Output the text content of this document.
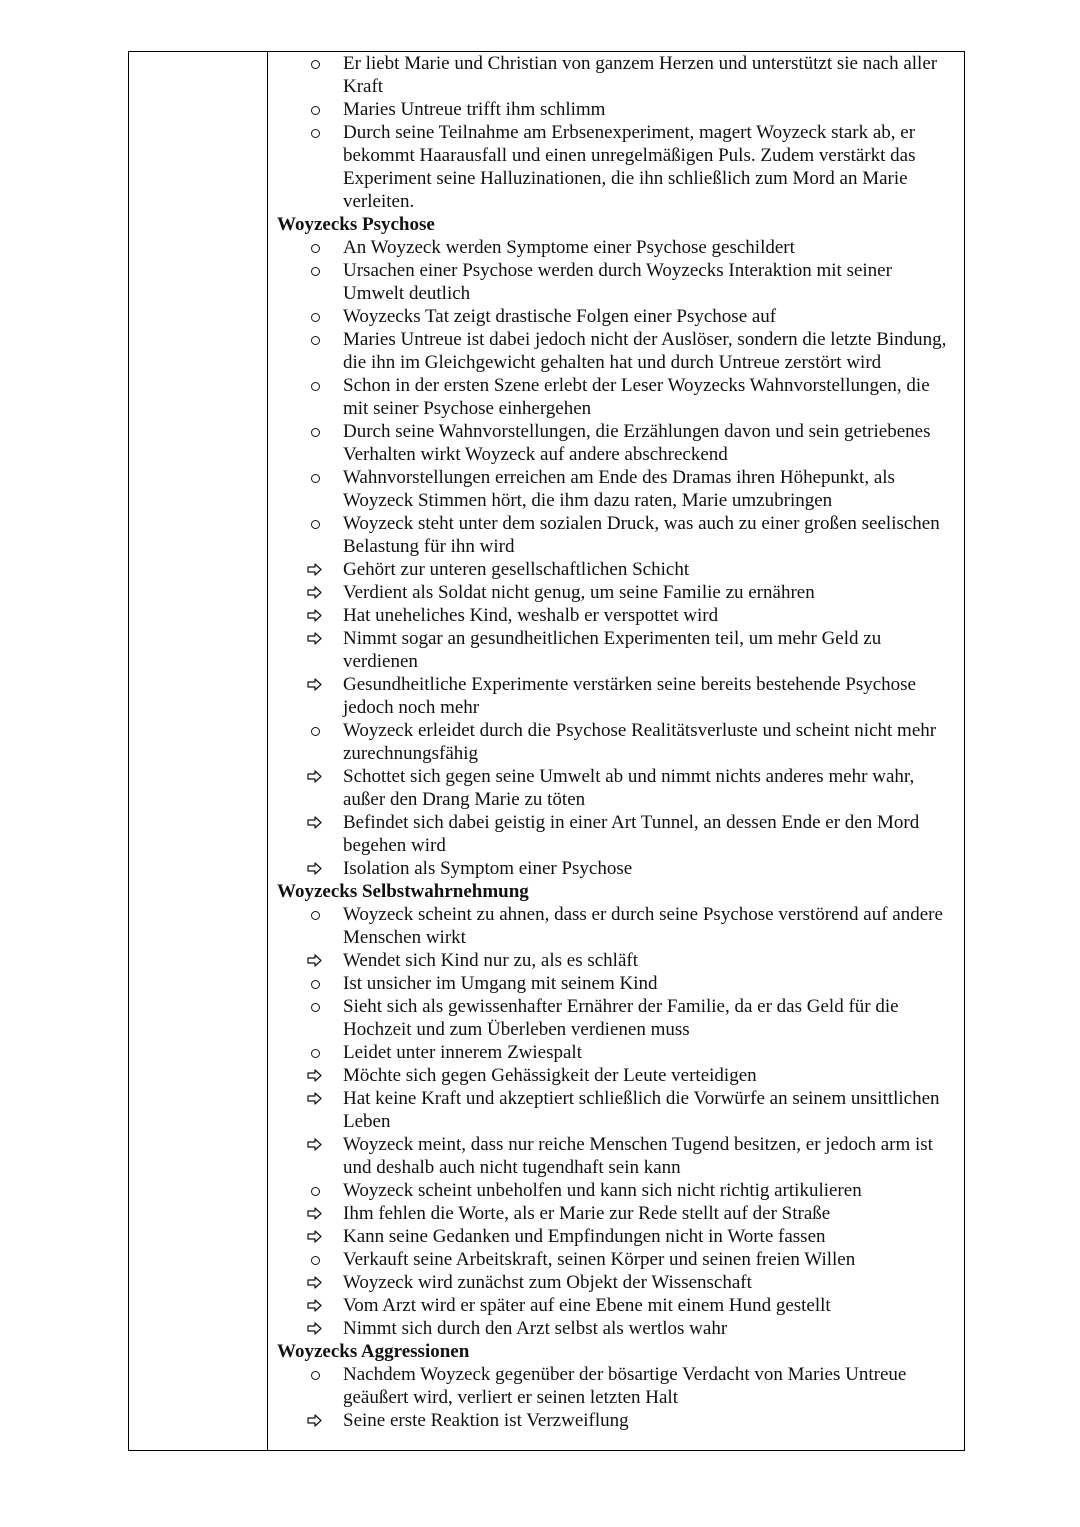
Er liebt Marie und Christian von ganzem Herzen und unterstützt sie nach aller Kraft
Maries Untreue trifft ihm schlimm
Durch seine Teilnahme am Erbsenexperiment, magert Woyzeck stark ab, er bekommt Haarausfall und einen unregelmäßigen Puls. Zudem verstärkt das Experiment seine Halluzinationen, die ihn schließlich zum Mord an Marie verleiten.
Woyzecks Psychose
An Woyzeck werden Symptome einer Psychose geschildert
Ursachen einer Psychose werden durch Woyzecks Interaktion mit seiner Umwelt deutlich
Woyzecks Tat zeigt drastische Folgen einer Psychose auf
Maries Untreue ist dabei jedoch nicht der Auslöser, sondern die letzte Bindung, die ihn im Gleichgewicht gehalten hat und durch Untreue zerstört wird
Schon in der ersten Szene erlebt der Leser Woyzecks Wahnvorstellungen, die mit seiner Psychose einhergehen
Durch seine Wahnvorstellungen, die Erzählungen davon und sein getriebenes Verhalten wirkt Woyzeck auf andere abschreckend
Wahnvorstellungen erreichen am Ende des Dramas ihren Höhepunkt, als Woyzeck Stimmen hört, die ihm dazu raten, Marie umzubringen
Woyzeck steht unter dem sozialen Druck, was auch zu einer großen seelischen Belastung für ihn wird
Gehört zur unteren gesellschaftlichen Schicht
Verdient als Soldat nicht genug, um seine Familie zu ernähren
Hat uneheliches Kind, weshalb er verspottet wird
Nimmt sogar an gesundheitlichen Experimenten teil, um mehr Geld zu verdienen
Gesundheitliche Experimente verstärken seine bereits bestehende Psychose jedoch noch mehr
Woyzeck erleidet durch die Psychose Realitätsverluste und scheint nicht mehr zurechnungsfähig
Schottet sich gegen seine Umwelt ab und nimmt nichts anderes mehr wahr, außer den Drang Marie zu töten
Befindet sich dabei geistig in einer Art Tunnel, an dessen Ende er den Mord begehen wird
Isolation als Symptom einer Psychose
Woyzecks Selbstwahrnehmung
Woyzeck scheint zu ahnen, dass er durch seine Psychose verstörend auf andere Menschen wirkt
Wendet sich Kind nur zu, als es schläft
Ist unsicher im Umgang mit seinem Kind
Sieht sich als gewissenhafter Ernährer der Familie, da er das Geld für die Hochzeit und zum Überleben verdienen muss
Leidet unter innerem Zwiespalt
Möchte sich gegen Gehässigkeit der Leute verteidigen
Hat keine Kraft und akzeptiert schließlich die Vorwürfe an seinem unsittlichen Leben
Woyzeck meint, dass nur reiche Menschen Tugend besitzen, er jedoch arm ist und deshalb auch nicht tugendhaft sein kann
Woyzeck scheint unbeholfen und kann sich nicht richtig artikulieren
Ihm fehlen die Worte, als er Marie zur Rede stellt auf der Straße
Kann seine Gedanken und Empfindungen nicht in Worte fassen
Verkauft seine Arbeitskraft, seinen Körper und seinen freien Willen
Woyzeck wird zunächst zum Objekt der Wissenschaft
Vom Arzt wird er später auf eine Ebene mit einem Hund gestellt
Nimmt sich durch den Arzt selbst als wertlos wahr
Woyzecks Aggressionen
Nachdem Woyzeck gegenüber der bösartige Verdacht von Maries Untreue geäußert wird, verliert er seinen letzten Halt
Seine erste Reaktion ist Verzweiflung
